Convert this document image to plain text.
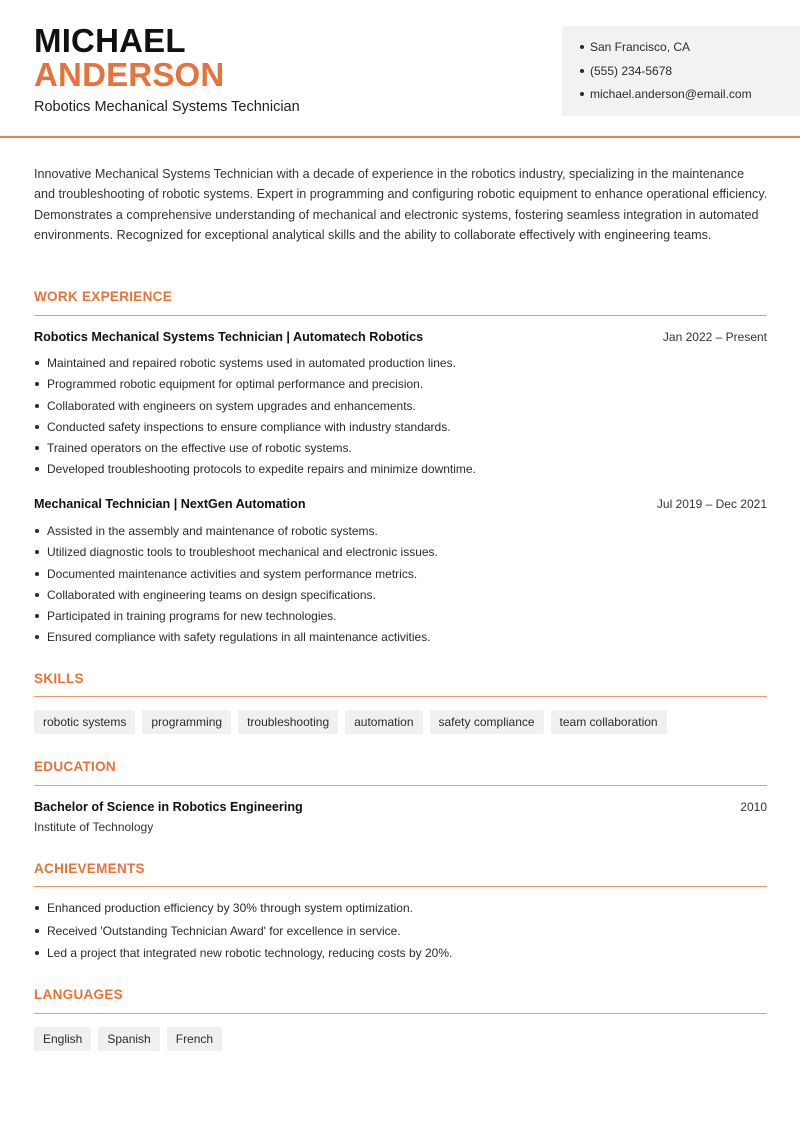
MICHAEL
ANDERSON
Robotics Mechanical Systems Technician
San Francisco, CA
(555) 234-5678
michael.anderson@email.com

Innovative Mechanical Systems Technician with a decade of experience in the robotics industry, specializing in the maintenance and troubleshooting of robotic systems. Expert in programming and configuring robotic equipment to enhance operational efficiency. Demonstrates a comprehensive understanding of mechanical and electronic systems, fostering seamless integration in automated environments. Recognized for exceptional analytical skills and the ability to collaborate effectively with engineering teams.

WORK EXPERIENCE
Robotics Mechanical Systems Technician | Automatech Robotics	Jan 2022 – Present
Maintained and repaired robotic systems used in automated production lines.
Programmed robotic equipment for optimal performance and precision.
Collaborated with engineers on system upgrades and enhancements.
Conducted safety inspections to ensure compliance with industry standards.
Trained operators on the effective use of robotic systems.
Developed troubleshooting protocols to expedite repairs and minimize downtime.
Mechanical Technician | NextGen Automation	Jul 2019 – Dec 2021
Assisted in the assembly and maintenance of robotic systems.
Utilized diagnostic tools to troubleshoot mechanical and electronic issues.
Documented maintenance activities and system performance metrics.
Collaborated with engineering teams on design specifications.
Participated in training programs for new technologies.
Ensured compliance with safety regulations in all maintenance activities.
SKILLS
robotic systems	programming	troubleshooting	automation	safety compliance	team collaboration
EDUCATION
Bachelor of Science in Robotics Engineering	2010
Institute of Technology
ACHIEVEMENTS
Enhanced production efficiency by 30% through system optimization.
Received 'Outstanding Technician Award' for excellence in service.
Led a project that integrated new robotic technology, reducing costs by 20%.
LANGUAGES
English	Spanish	French
